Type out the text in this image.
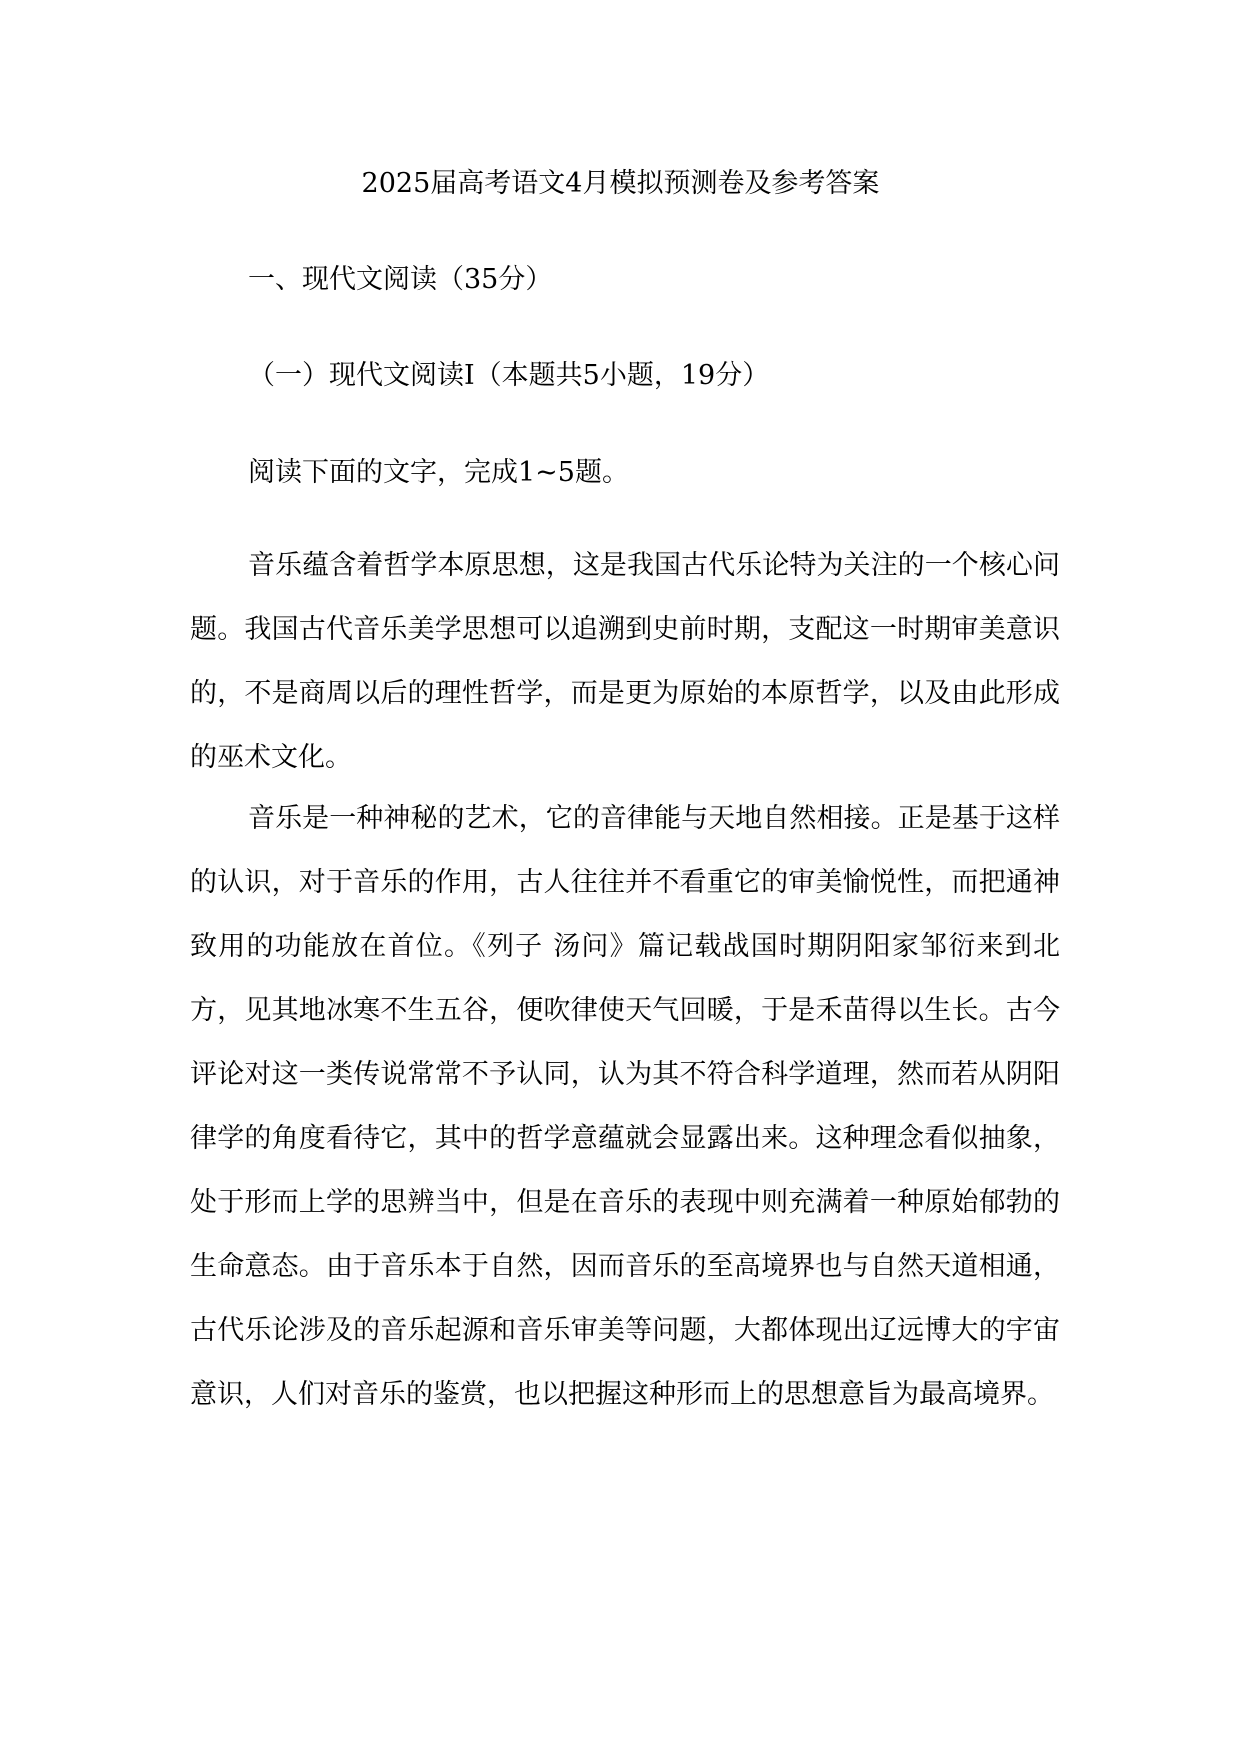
2025届高考语文4月模拟预测卷及参考答案
一、现代文阅读（35分）
（一）现代文阅读Ⅰ（本题共5小题，19分）
阅读下面的文字，完成1~5题。

音乐蕴含着哲学本原思想，这是我国古代乐论特为关注的一个核心问题。我国古代音乐美学思想可以追溯到史前时期，支配这一时期审美意识的，不是商周以后的理性哲学，而是更为原始的本原哲学，以及由此形成的巫术文化。

音乐是一种神秘的艺术，它的音律能与天地自然相接。正是基于这样的认识，对于音乐的作用，古人往往并不看重它的审美愉悦性，而把通神致用的功能放在首位。《列子 汤问》篇记载战国时期阴阳家邹衍来到北方，见其地冰寒不生五谷，便吹律使天气回暖，于是禾苗得以生长。古今评论对这一类传说常常不予认同，认为其不符合科学道理，然而若从阴阳律学的角度看待它，其中的哲学意蕴就会显露出来。这种理念看似抽象，处于形而上学的思辨当中，但是在音乐的表现中则充满着一种原始郁勃的生命意态。由于音乐本于自然，因而音乐的至高境界也与自然天道相通，古代乐论涉及的音乐起源和音乐审美等问题，大都体现出辽远博大的宇宙意识，人们对音乐的鉴赏，也以把握这种形而上的思想意旨为最高境界。
